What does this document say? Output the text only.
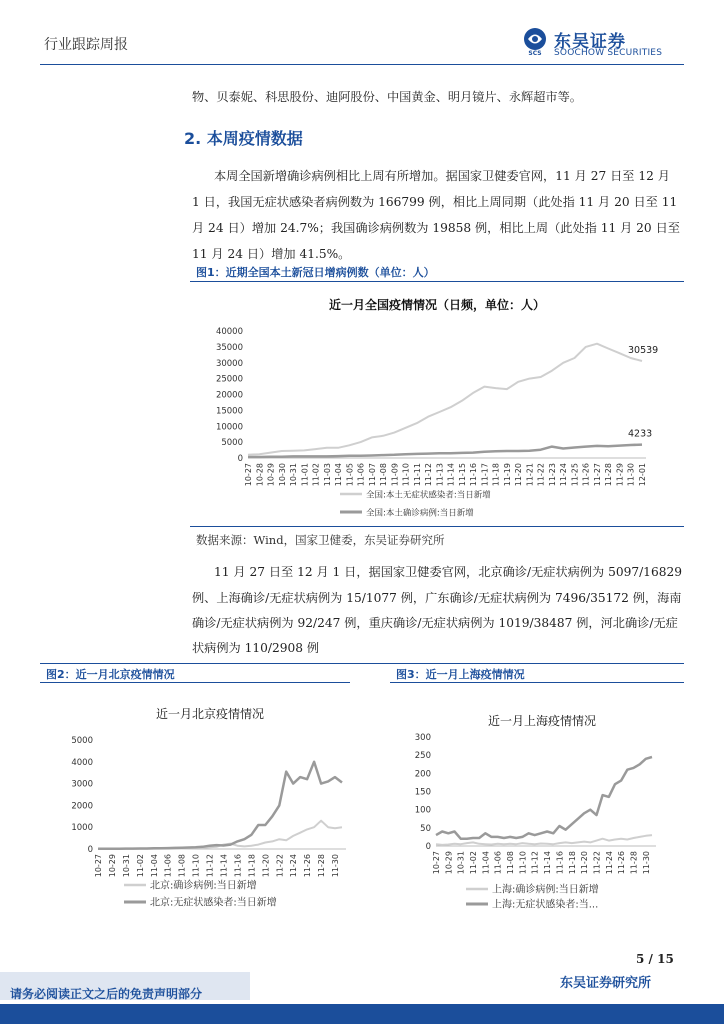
行业跟踪周报
SCS
东吴证券
SOOCHOW SECURITIES
物、贝泰妮、科思股份、迪阿股份、中国黄金、明月镜片、永辉超市等。
2. 本周疫情数据
本周全国新增确诊病例相比上周有所增加。据国家卫健委官网，11 月 27 日至 12 月
1 日，我国无症状感染者病例数为 166799 例，相比上周同期（此处指 11 月 20 日至 11
月 24 日）增加 24.7%；我国确诊病例数为 19858 例，相比上周（此处指 11 月 20 日至
11 月 24 日）增加 41.5%。
图1：近期全国本土新冠日增病例数（单位：人）
近一月全国疫情情况（日频，单位：人）
0
5000
10000
15000
20000
25000
30000
35000
40000
10-27 10-28 10-29 10-30 10-31 11-01 11-02 11-03 11-04 11-05 11-06 11-07 11-08 11-09 11-10 11-11 11-12 11-13 11-14 11-15 11-16 11-17 11-18 11-19 11-20 11-21 11-22 11-23 11-24 11-25 11-26 11-27 11-28 11-29 11-30 12-01
30539
全国:本土无症状感染者:当日新增
4233
全国:本土确诊病例:当日新增
数据来源：Wind，国家卫健委，东吴证券研究所
11 月 27 日至 12 月 1 日，据国家卫健委官网，北京确诊/无症状病例为 5097/16829
例、上海确诊/无症状病例为 15/1077 例，广东确诊/无症状病例为 7496/35172 例，海南
确诊/无症状病例为 92/247 例，重庆确诊/无症状病例为 1019/38487 例，河北确诊/无症
状病例为 110/2908 例
图2：近一月北京疫情情况	图3：近一月上海疫情情况
近一月北京疫情情况
0
1000
2000
3000
4000
5000
10-27 10-29 10-31 11-02 11-04 11-06 11-08 11-10 11-12 11-14 11-16 11-18 11-20 11-22 11-24 11-26 11-28 11-30
北京:确诊病例:当日新增
北京:无症状感染者:当日新增
近一月上海疫情情况
0
50
100
150
200
250
300
10-27 10-29 10-31 11-02 11-04 11-06 11-08 11-10 11-12 11-14 11-16 11-18 11-20 11-22 11-24 11-26 11-28 11-30
上海:确诊病例:当日新增
上海:无症状感染者:当...
5 / 15
请务必阅读正文之后的免责声明部分
东吴证券研究所
